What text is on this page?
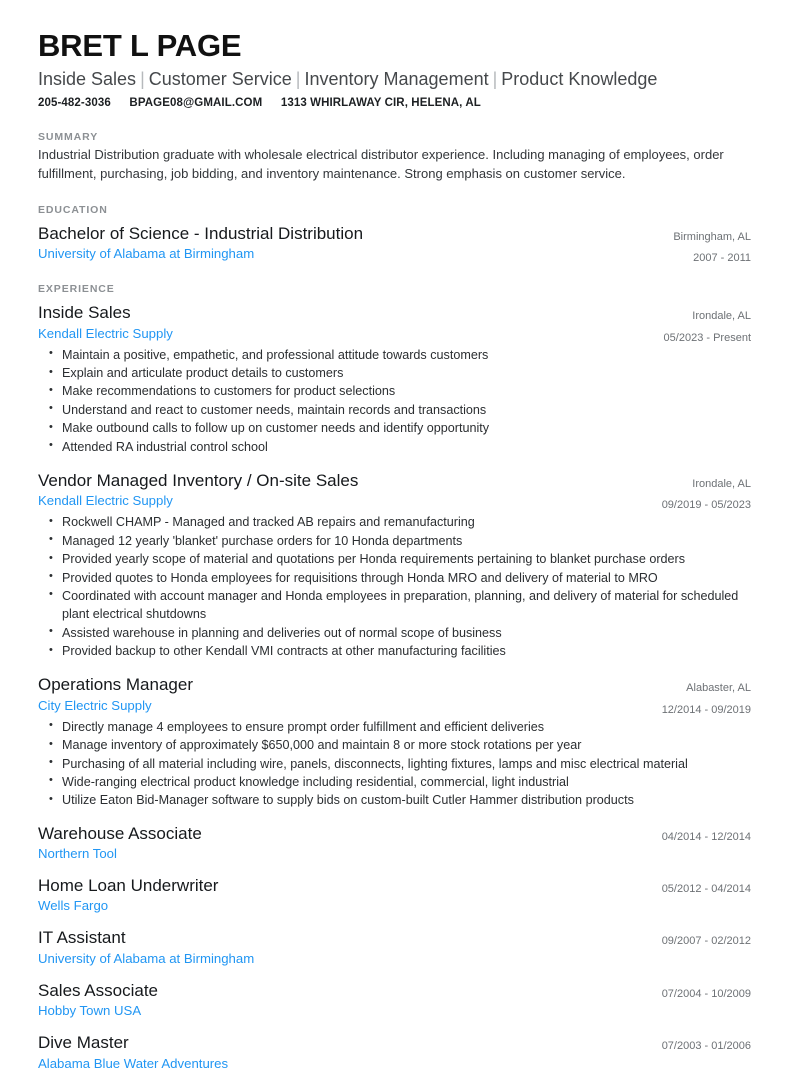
BRET L PAGE
Inside Sales | Customer Service | Inventory Management | Product Knowledge
205-482-3036 BPAGE08@GMAIL.COM 1313 WHIRLAWAY CIR, HELENA, AL
SUMMARY

Industrial Distribution graduate with wholesale electrical distributor experience. Including managing of employees, order fulfillment, purchasing, job bidding, and inventory maintenance. Strong emphasis on customer service.

EDUCATION
Bachelor of Science - Industrial Distribution
University of Alabama at Birmingham
Birmingham, AL
2007 - 2011
EXPERIENCE
Inside Sales
Kendall Electric Supply
Irondale, AL
05/2023 - Present
• Maintain a positive, empathetic, and professional attitude towards customers
• Explain and articulate product details to customers
• Make recommendations to customers for product selections
• Understand and react to customer needs, maintain records and transactions
• Make outbound calls to follow up on customer needs and identify opportunity
• Attended RA industrial control school
Vendor Managed Inventory / On-site Sales
Kendall Electric Supply
Irondale, AL
09/2019 - 05/2023
• Rockwell CHAMP - Managed and tracked AB repairs and remanufacturing
• Managed 12 yearly 'blanket' purchase orders for 10 Honda departments
• Provided yearly scope of material and quotations per Honda requirements pertaining to blanket purchase orders
• Provided quotes to Honda employees for requisitions through Honda MRO and delivery of material to MRO
• Coordinated with account manager and Honda employees in preparation, planning, and delivery of material for scheduled plant electrical shutdowns
• Assisted warehouse in planning and deliveries out of normal scope of business
• Provided backup to other Kendall VMI contracts at other manufacturing facilities
Operations Manager
City Electric Supply
Alabaster, AL
12/2014 - 09/2019
• Directly manage 4 employees to ensure prompt order fulfillment and efficient deliveries
• Manage inventory of approximately $650,000 and maintain 8 or more stock rotations per year
• Purchasing of all material including wire, panels, disconnects, lighting fixtures, lamps and misc electrical material
• Wide-ranging electrical product knowledge including residential, commercial, light industrial
• Utilize Eaton Bid-Manager software to supply bids on custom-built Cutler Hammer distribution products
Warehouse Associate
Northern Tool
04/2014 - 12/2014
Home Loan Underwriter
Wells Fargo
05/2012 - 04/2014
IT Assistant
University of Alabama at Birmingham
09/2007 - 02/2012
Sales Associate
Hobby Town USA
07/2004 - 10/2009
Dive Master
Alabama Blue Water Adventures
07/2003 - 01/2006
